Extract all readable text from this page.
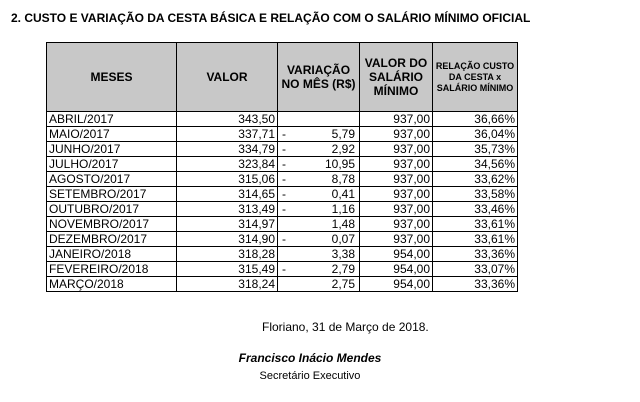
2. CUSTO E VARIAÇÃO DA CESTA BÁSICA E RELAÇÃO COM O SALÁRIO MÍNIMO OFICIAL
MESES	VALOR	VARIAÇÃO NO MÊS (R$)	VALOR DO SALÁRIO MÍNIMO	RELAÇÃO CUSTO DA CESTA x SALÁRIO MÍNIMO
ABRIL/2017	343,50		937,00	36,66%
MAIO/2017	337,71	- 5,79	937,00	36,04%
JUNHO/2017	334,79	- 2,92	937,00	35,73%
JULHO/2017	323,84	- 10,95	937,00	34,56%
AGOSTO/2017	315,06	- 8,78	937,00	33,62%
SETEMBRO/2017	314,65	- 0,41	937,00	33,58%
OUTUBRO/2017	313,49	- 1,16	937,00	33,46%
NOVEMBRO/2017	314,97	1,48	937,00	33,61%
DEZEMBRO/2017	314,90	- 0,07	937,00	33,61%
JANEIRO/2018	318,28	3,38	954,00	33,36%
FEVEREIRO/2018	315,49	- 2,79	954,00	33,07%
MARÇO/2018	318,24	2,75	954,00	33,36%
Floriano, 31 de Março de 2018.
Francisco Inácio Mendes
Secretário Executivo
